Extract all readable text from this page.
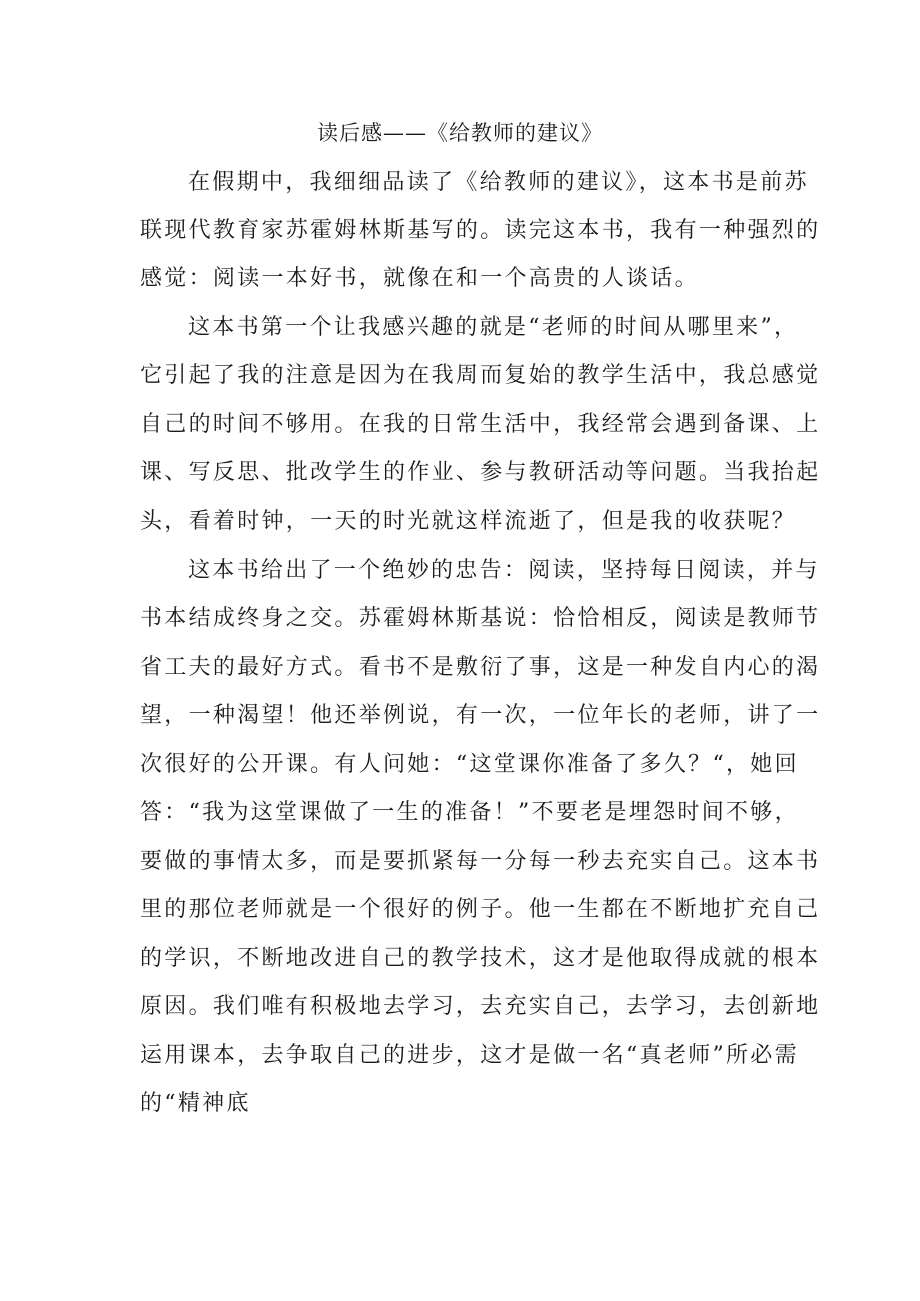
读后感——《给教师的建议》
在假期中，我细细品读了《给教师的建议》，这本书是前苏
联现代教育家苏霍姆林斯基写的。读完这本书，我有一种强烈的
感觉：阅读一本好书，就像在和一个高贵的人谈话。
这本书第一个让我感兴趣的就是“老师的时间从哪里来”，
它引起了我的注意是因为在我周而复始的教学生活中，我总感觉
自己的时间不够用。在我的日常生活中，我经常会遇到备课、上
课、写反思、批改学生的作业、参与教研活动等问题。当我抬起
头，看着时钟，一天的时光就这样流逝了，但是我的收获呢？
这本书给出了一个绝妙的忠告：阅读，坚持每日阅读，并与
书本结成终身之交。苏霍姆林斯基说：恰恰相反，阅读是教师节
省工夫的最好方式。看书不是敷衍了事，这是一种发自内心的渴
望，一种渴望！他还举例说，有一次，一位年长的老师，讲了一
次很好的公开课。有人问她：“这堂课你准备了多久？“，她回
答：“我为这堂课做了一生的准备！”不要老是埋怨时间不够，
要做的事情太多，而是要抓紧每一分每一秒去充实自己。这本书
里的那位老师就是一个很好的例子。他一生都在不断地扩充自己
的学识，不断地改进自己的教学技术，这才是他取得成就的根本
原因。我们唯有积极地去学习，去充实自己，去学习，去创新地
运用课本，去争取自己的进步，这才是做一名“真老师”所必需
的“精神底
